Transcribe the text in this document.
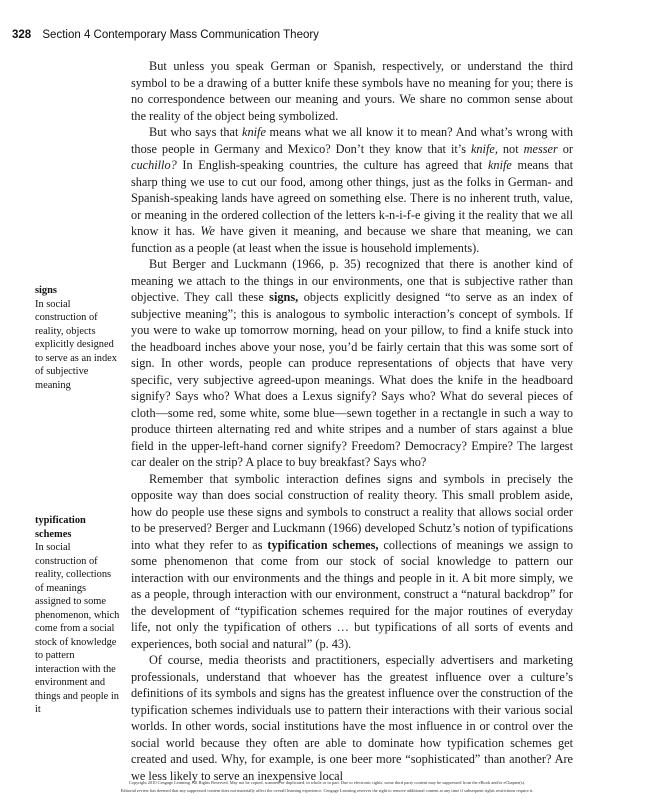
328 Section 4 Contemporary Mass Communication Theory

But unless you speak German or Spanish, respectively, or understand the third symbol to be a drawing of a butter knife these symbols have no meaning for you; there is no correspondence between our meaning and yours. We share no common sense about the reality of the object being symbolized.

But who says that knife means what we all know it to mean? And what’s wrong with those people in Germany and Mexico? Don’t they know that it’s knife, not messer or cuchillo? In English-speaking countries, the culture has agreed that knife means that sharp thing we use to cut our food, among other things, just as the folks in German- and Spanish-speaking lands have agreed on something else. There is no inherent truth, value, or meaning in the ordered collection of the letters k-n-i-f-e giving it the reality that we all know it has. We have given it meaning, and because we share that meaning, we can function as a people (at least when the issue is household implements).

But Berger and Luckmann (1966, p. 35) recognized that there is another kind of meaning we attach to the things in our environments, one that is subjective rather than objective. They call these signs, objects explicitly designed “to serve as an index of subjective meaning”; this is analogous to symbolic interaction’s concept of symbols. If you were to wake up tomorrow morning, head on your pillow, to find a knife stuck into the headboard inches above your nose, you’d be fairly certain that this was some sort of sign. In other words, people can produce representations of objects that have very specific, very subjective agreed-upon meanings. What does the knife in the headboard signify? Says who? What does a Lexus signify? Says who? What do several pieces of cloth—some red, some white, some blue—sewn together in a rectangle in such a way to produce thirteen alternating red and white stripes and a number of stars against a blue field in the upper-left-hand corner signify? Freedom? Democracy? Empire? The largest car dealer on the strip? A place to buy breakfast? Says who?

Remember that symbolic interaction defines signs and symbols in precisely the opposite way than does social construction of reality theory. This small problem aside, how do people use these signs and symbols to construct a reality that allows social order to be preserved? Berger and Luckmann (1966) developed Schutz’s notion of typifications into what they refer to as typification schemes, collections of meanings we assign to some phenomenon that come from our stock of social knowledge to pattern our interaction with our environments and the things and people in it. A bit more simply, we as a people, through interaction with our environment, construct a “natural backdrop” for the development of “typification schemes required for the major routines of everyday life, not only the typification of others … but typifications of all sorts of events and experiences, both social and natural” (p. 43).

Of course, media theorists and practitioners, especially advertisers and marketing professionals, understand that whoever has the greatest influence over a culture’s definitions of its symbols and signs has the greatest influence over the construction of the typification schemes individuals use to pattern their interactions with their various social worlds. In other words, social institutions have the most influence in or control over the social world because they often are able to dominate how typification schemes get created and used. Why, for example, is one beer more “sophisticated” than another? Are we less likely to serve an inexpensive local

signs
In social construction of reality, objects explicitly designed to serve as an index of subjective meaning
typification schemes
In social construction of reality, collections of meanings assigned to some phenomenon, which come from a social stock of knowledge to pattern interaction with the environment and things and people in it
Copyright 2010 Cengage Learning. All Rights Reserved. May not be copied, scanned, or duplicated, in whole or in part. Due to electronic rights, some third party content may be suppressed from the eBook and/or eChapter(s).
Editorial review has deemed that any suppressed content does not materially affect the overall learning experience. Cengage Learning reserves the right to remove additional content at any time if subsequent rights restrictions require it.
